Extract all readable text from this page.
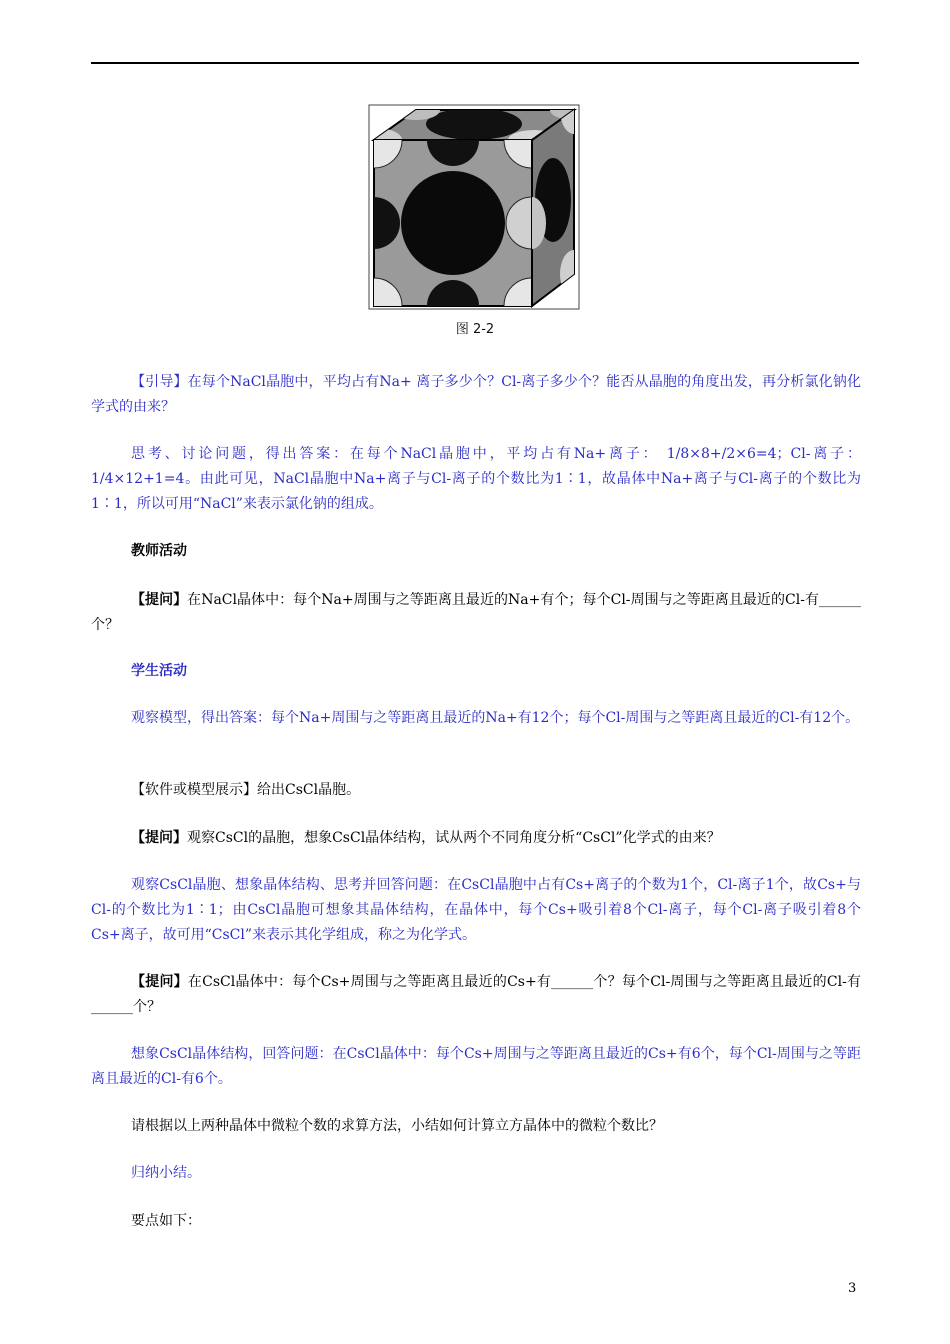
图 2-2

【引导】在每个NaCl晶胞中，平均占有Na+ 离子多少个？Cl-离子多少个？能否从晶胞的角度出发，再分析氯化钠化学式的由来？

思考、讨论问题，得出答案：在每个NaCl晶胞中，平均占有Na+离子： 1/8×8+/2×6=4；Cl-离子：1/4×12+1=4。由此可见，NaCl晶胞中Na+离子与Cl-离子的个数比为1∶1，故晶体中Na+离子与Cl-离子的个数比为1∶1，所以可用“NaCl”来表示氯化钠的组成。

教师活动

【提问】在NaCl晶体中：每个Na+周围与之等距离且最近的Na+有个；每个Cl-周围与之等距离且最近的Cl-有______个？

学生活动

观察模型，得出答案：每个Na+周围与之等距离且最近的Na+有12个；每个Cl-周围与之等距离且最近的Cl-有12个。

【软件或模型展示】给出CsCl晶胞。

【提问】观察CsCl的晶胞，想象CsCl晶体结构，试从两个不同角度分析“CsCl”化学式的由来？

观察CsCl晶胞、想象晶体结构、思考并回答问题：在CsCl晶胞中占有Cs+离子的个数为1个，Cl-离子1个，故Cs+与Cl-的个数比为1∶1；由CsCl晶胞可想象其晶体结构，在晶体中，每个Cs+吸引着8个Cl-离子，每个Cl-离子吸引着8个Cs+离子，故可用“CsCl”来表示其化学组成，称之为化学式。

【提问】在CsCl晶体中：每个Cs+周围与之等距离且最近的Cs+有______个？每个Cl-周围与之等距离且最近的Cl-有______个？

想象CsCl晶体结构，回答问题：在CsCl晶体中：每个Cs+周围与之等距离且最近的Cs+有6个，每个Cl-周围与之等距离且最近的Cl-有6个。

请根据以上两种晶体中微粒个数的求算方法，小结如何计算立方晶体中的微粒个数比？

归纳小结。

要点如下：

3
